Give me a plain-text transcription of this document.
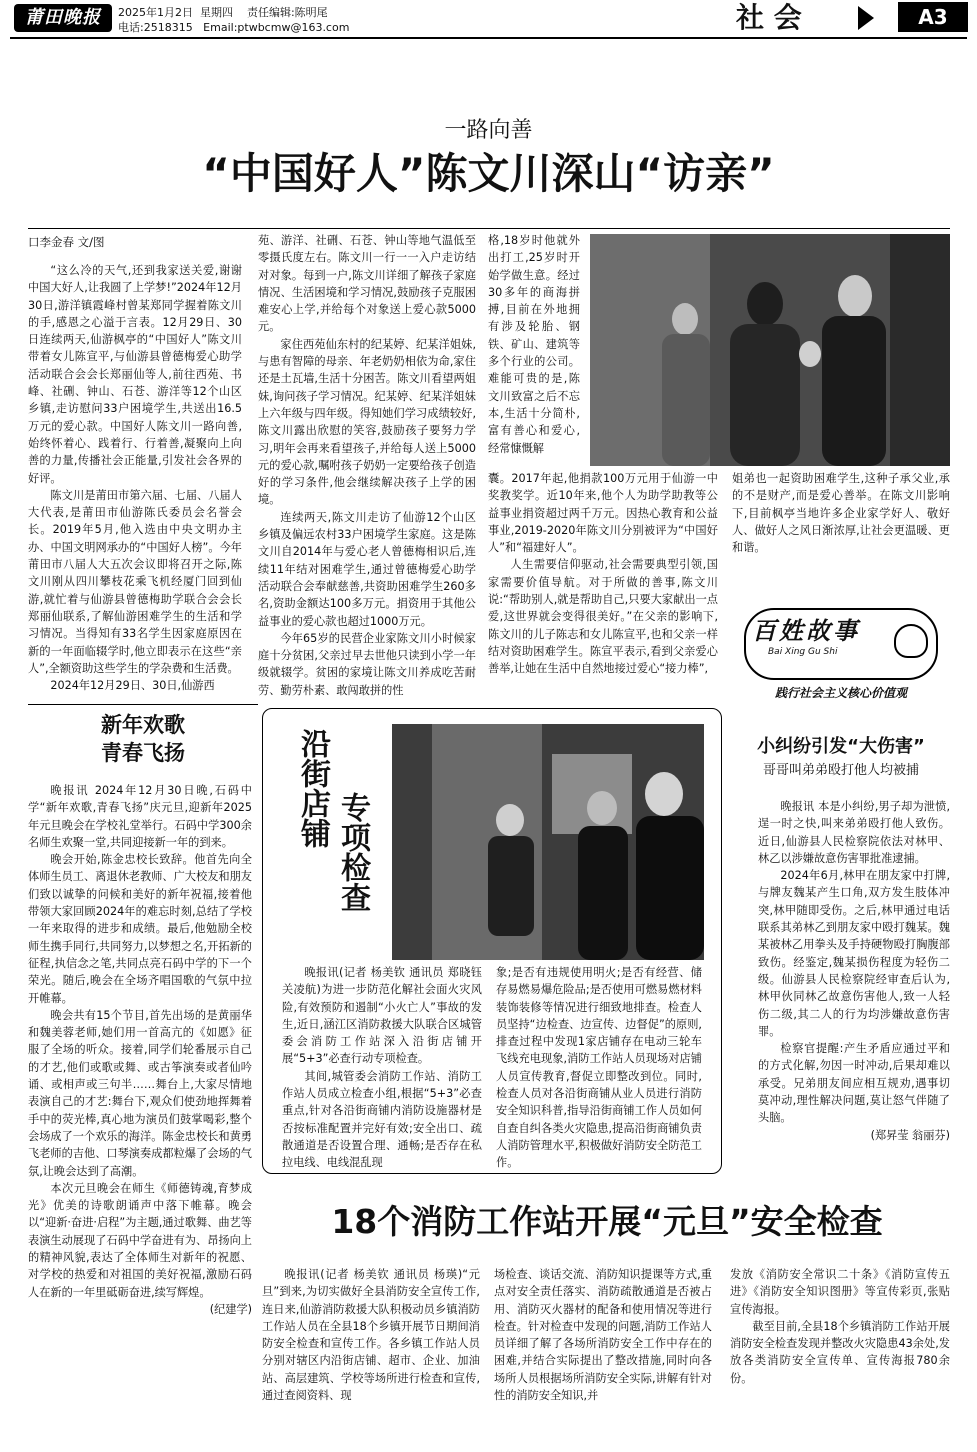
莆田晚报	2025年1月2日  星期四    责任编辑:陈明尾
电话:2518315   Email:ptwbcmw@163.com	社 会	A3
一路向善
“中国好人”陈文川深山“访亲”
口李金春 文/图

“这么冷的天气,还到我家送关爱,谢谢中国大好人,让我圆了上学梦!”2024年12月30日,游洋镇霞峰村曾某郑同学握着陈文川的手,感恩之心溢于言表。12月29日、30日连续两天,仙游枫亭的“中国好人”陈文川带着女儿陈宣平,与仙游县曾德梅爱心助学活动联合会会长郑丽仙等人,前往西苑、书峰、社硎、钟山、石苍、游洋等12个山区乡镇,走访慰问33户困境学生,共送出16.5万元的爱心款。中国好人陈文川一路向善,始终怀着心、践着行、行着善,凝聚向上向善的力量,传播社会正能量,引发社会各界的好评。

陈文川是莆田市第六届、七届、八届人大代表,是莆田市仙游陈氏委员会名誉会长。2019年5月,他入选由中央文明办主办、中国文明网承办的“中国好人榜”。今年莆田市八届人大五次会议即将召开之际,陈文川刚从四川攀枝花乘飞机经厦门回到仙游,就忙着与仙游县曾德梅助学联合会会长郑丽仙联系,了解仙游困难学生的生活和学习情况。当得知有33名学生因家庭原因在新的一年面临辍学时,他立即表示在这些“亲人”,全额资助这些学生的学杂费和生活费。

2024年12月29日、30日,仙游西

苑、游洋、社硎、石苍、钟山等地气温低至零摄氏度左右。陈文川一行一一入户走访结对对象。每到一户,陈文川详细了解孩子家庭情况、生活困境和学习情况,鼓励孩子克服困难安心上学,并给每个对象送上爱心款5000元。

家住西苑仙东村的纪某婷、纪某洋姐妹,与患有智障的母亲、年老奶奶相依为命,家住还是土瓦墙,生活十分困苦。陈文川看望两姐妹,询问孩子学习情况。纪某婷、纪某洋姐妹上六年级与四年级。得知她们学习成绩较好,陈文川露出欣慰的笑容,鼓励孩子要努力学习,明年会再来看望孩子,并给每人送上5000元的爱心款,嘱咐孩子奶奶一定要给孩子创造好的学习条件,他会继续解决孩子上学的困境。

连续两天,陈文川走访了仙游12个山区乡镇及偏远农村33户困境学生家庭。这是陈文川自2014年与爱心老人曾德梅相识后,连续11年结对困难学生,通过曾德梅爱心助学活动联合会奉献慈善,共资助困难学生260多名,资助金额达100多万元。捐资用于其他公益事业的爱心款也超过1000万元。

今年65岁的民营企业家陈文川小时候家庭十分贫困,父亲过早去世他只读到小学一年级就辍学。贫困的家境让陈文川养成吃苦耐劳、勤劳朴素、敢闯敢拼的性

格,18岁时他就外出打工,25岁时开始学做生意。经过30多年的商海拼搏,目前在外地拥有涉及轮胎、钢铁、矿山、建筑等多个行业的公司。难能可贵的是,陈文川致富之后不忘本,生活十分简朴,富有善心和爱心,经常慷慨解

囊。2017年起,他捐款100万元用于仙游一中奖教奖学。近10年来,他个人为助学助教等公益事业捐资超过两千万元。因热心教育和公益事业,2019-2020年陈文川分别被评为“中国好人”和“福建好人”。

人生需要信仰驱动,社会需要典型引领,国家需要价值导航。对于所做的善事,陈文川说:“帮助别人,就是帮助自己,只要大家献出一点爱,这世界就会变得很美好。”在父亲的影响下,陈文川的儿子陈志和女儿陈宣平,也和父亲一样结对资助困难学生。陈宣平表示,看到父亲爱心善举,让她在生活中自然地接过爱心“接力棒”,

姐弟也一起资助困难学生,这种子承父业,承的不是财产,而是爱心善举。在陈文川影响下,目前枫亭当地许多企业家学好人、敬好人、做好人之风日渐浓厚,让社会更温暖、更和谐。
百姓故事
Bai Xing Gu Shi
践行社会主义核心价值观
新年欢歌
青春飞扬

晚报讯 2024年12月30日晚,石码中学“新年欢歌,青春飞扬”庆元旦,迎新年2025年元旦晚会在学校礼堂举行。石码中学300余名师生欢聚一堂,共同迎接新一年的到来。

晚会开始,陈金忠校长致辞。他首先向全体师生员工、离退休老教师、广大校友和朋友们致以诚挚的问候和美好的新年祝福,接着他带领大家回顾2024年的难忘时刻,总结了学校一年来取得的进步和成绩。最后,他勉励全校师生携手同行,共同努力,以梦想之名,开拓新的征程,执信念之笔,共同点亮石码中学的下一个荣光。随后,晚会在全场齐唱国歌的气氛中拉开帷幕。

晚会共有15个节目,首先出场的是黄丽华和魏美蓉老师,她们用一首高亢的《如愿》征服了全场的听众。接着,同学们轮番展示自己的才艺,他们或歌或舞、或古筝演奏或者仙吟诵、或相声或三句半……舞台上,大家尽情地表演自己的才艺:舞台下,观众们使劲地挥舞着手中的荧光棒,真心地为演员们鼓掌喝彩,整个会场成了一个欢乐的海洋。陈金忠校长和黄勇飞老师的吉他、口琴演奏成都粒爆了会场的气氛,让晚会达到了高潮。

本次元旦晚会在师生《师德铸魂,育梦成光》优美的诗歌朗诵声中落下帷幕。晚会以“迎新·奋进·启程”为主题,通过歌舞、曲艺等表演生动展现了石码中学奋进有为、昂扬向上的精神风貌,表达了全体师生对新年的祝愿、对学校的热爱和对祖国的美好祝福,激励石码人在新的一年里砥砺奋进,续写辉煌。

(纪建学)

沿街店铺
专项检查

晚报讯(记者 杨美钦 通讯员 郑晓钰 关凌航)为进一步防范化解社会面火灾风险,有效预防和遏制“小火亡人”事故的发生,近日,涵江区消防救援大队联合区城管委会消防工作站深入沿街店铺开展“5+3”必查行动专项检查。

其间,城管委会消防工作站、消防工作站人员成立检查小组,根据“5+3”必查重点,针对各沿街商铺内消防设施器材是否按标准配置并完好有效;安全出口、疏散通道是否设置合理、通畅;是否存在私拉电线、电线混乱现

象;是否有违规使用明火;是否有经营、储存易燃易爆危险品;是否使用可燃易燃材料装饰装修等情况进行细致地排查。检查人员坚持“边检查、边宣传、边督促”的原则,排查过程中发现1家店铺存在电动三轮车飞线充电现象,消防工作站人员现场对店铺人员宣传教育,督促立即整改到位。同时,检查人员对各沿街商铺从业人员进行消防安全知识科普,指导沿街商铺工作人员如何自查自纠各类火灾隐患,提高沿街商铺负责人消防管理水平,积极做好消防安全防范工作。

小纠纷引发“大伤害”
哥哥叫弟弟殴打他人均被捕

晚报讯 本是小纠纷,男子却为泄愤,逞一时之快,叫来弟弟殴打他人致伤。近日,仙游县人民检察院依法对林甲、林乙以涉嫌故意伤害罪批准逮捕。

2024年6月,林甲在朋友家中打牌,与牌友魏某产生口角,双方发生肢体冲突,林甲随即受伤。之后,林甲通过电话联系其弟林乙到朋友家中殴打魏某。魏某被林乙用拳头及手持硬物殴打胸腹部致伤。经鉴定,魏某损伤程度为轻伤二级。仙游县人民检察院经审查后认为,林甲伙同林乙故意伤害他人,致一人轻伤二级,其二人的行为均涉嫌故意伤害罪。

检察官提醒:产生矛盾应通过平和的方式化解,勿因一时冲动,后果却难以承受。兄弟朋友间应相互规劝,遇事切莫冲动,理性解决问题,莫让怒气伴随了头脑。

(郑昇莹 翁丽芬)

18个消防工作站开展“元旦”安全检查
晚报讯(记者 杨美钦 通讯员 杨瑛)“元旦”到来,为切实做好全县消防安全宣传工作,连日来,仙游消防救援大队积极动员乡镇消防工作站人员在全县18个乡镇开展节日期间消防安全检查和宣传工作。各乡镇工作站人员分别对辖区内沿街店铺、超市、企业、加油站、高层建筑、学校等场所进行检查和宣传,通过查阅资料、现
场检查、谈话交流、消防知识提课等方式,重点对安全责任落实、消防疏散通道是否被占用、消防灭火器材的配备和使用情况等进行检查。针对检查中发现的问题,消防工作站人员详细了解了各场所消防安全工作中存在的困难,并结合实际提出了整改措施,同时向各场所人员根据场所消防安全实际,讲解有针对性的消防安全知识,并

发放《消防安全常识二十条》《消防宣传五进》《消防安全知识图册》等宣传彩页,张贴宣传海报。

截至目前,全县18个乡镇消防工作站开展消防安全检查发现并整改火灾隐患43余处,发放各类消防安全宣传单、宣传海报780余份。
